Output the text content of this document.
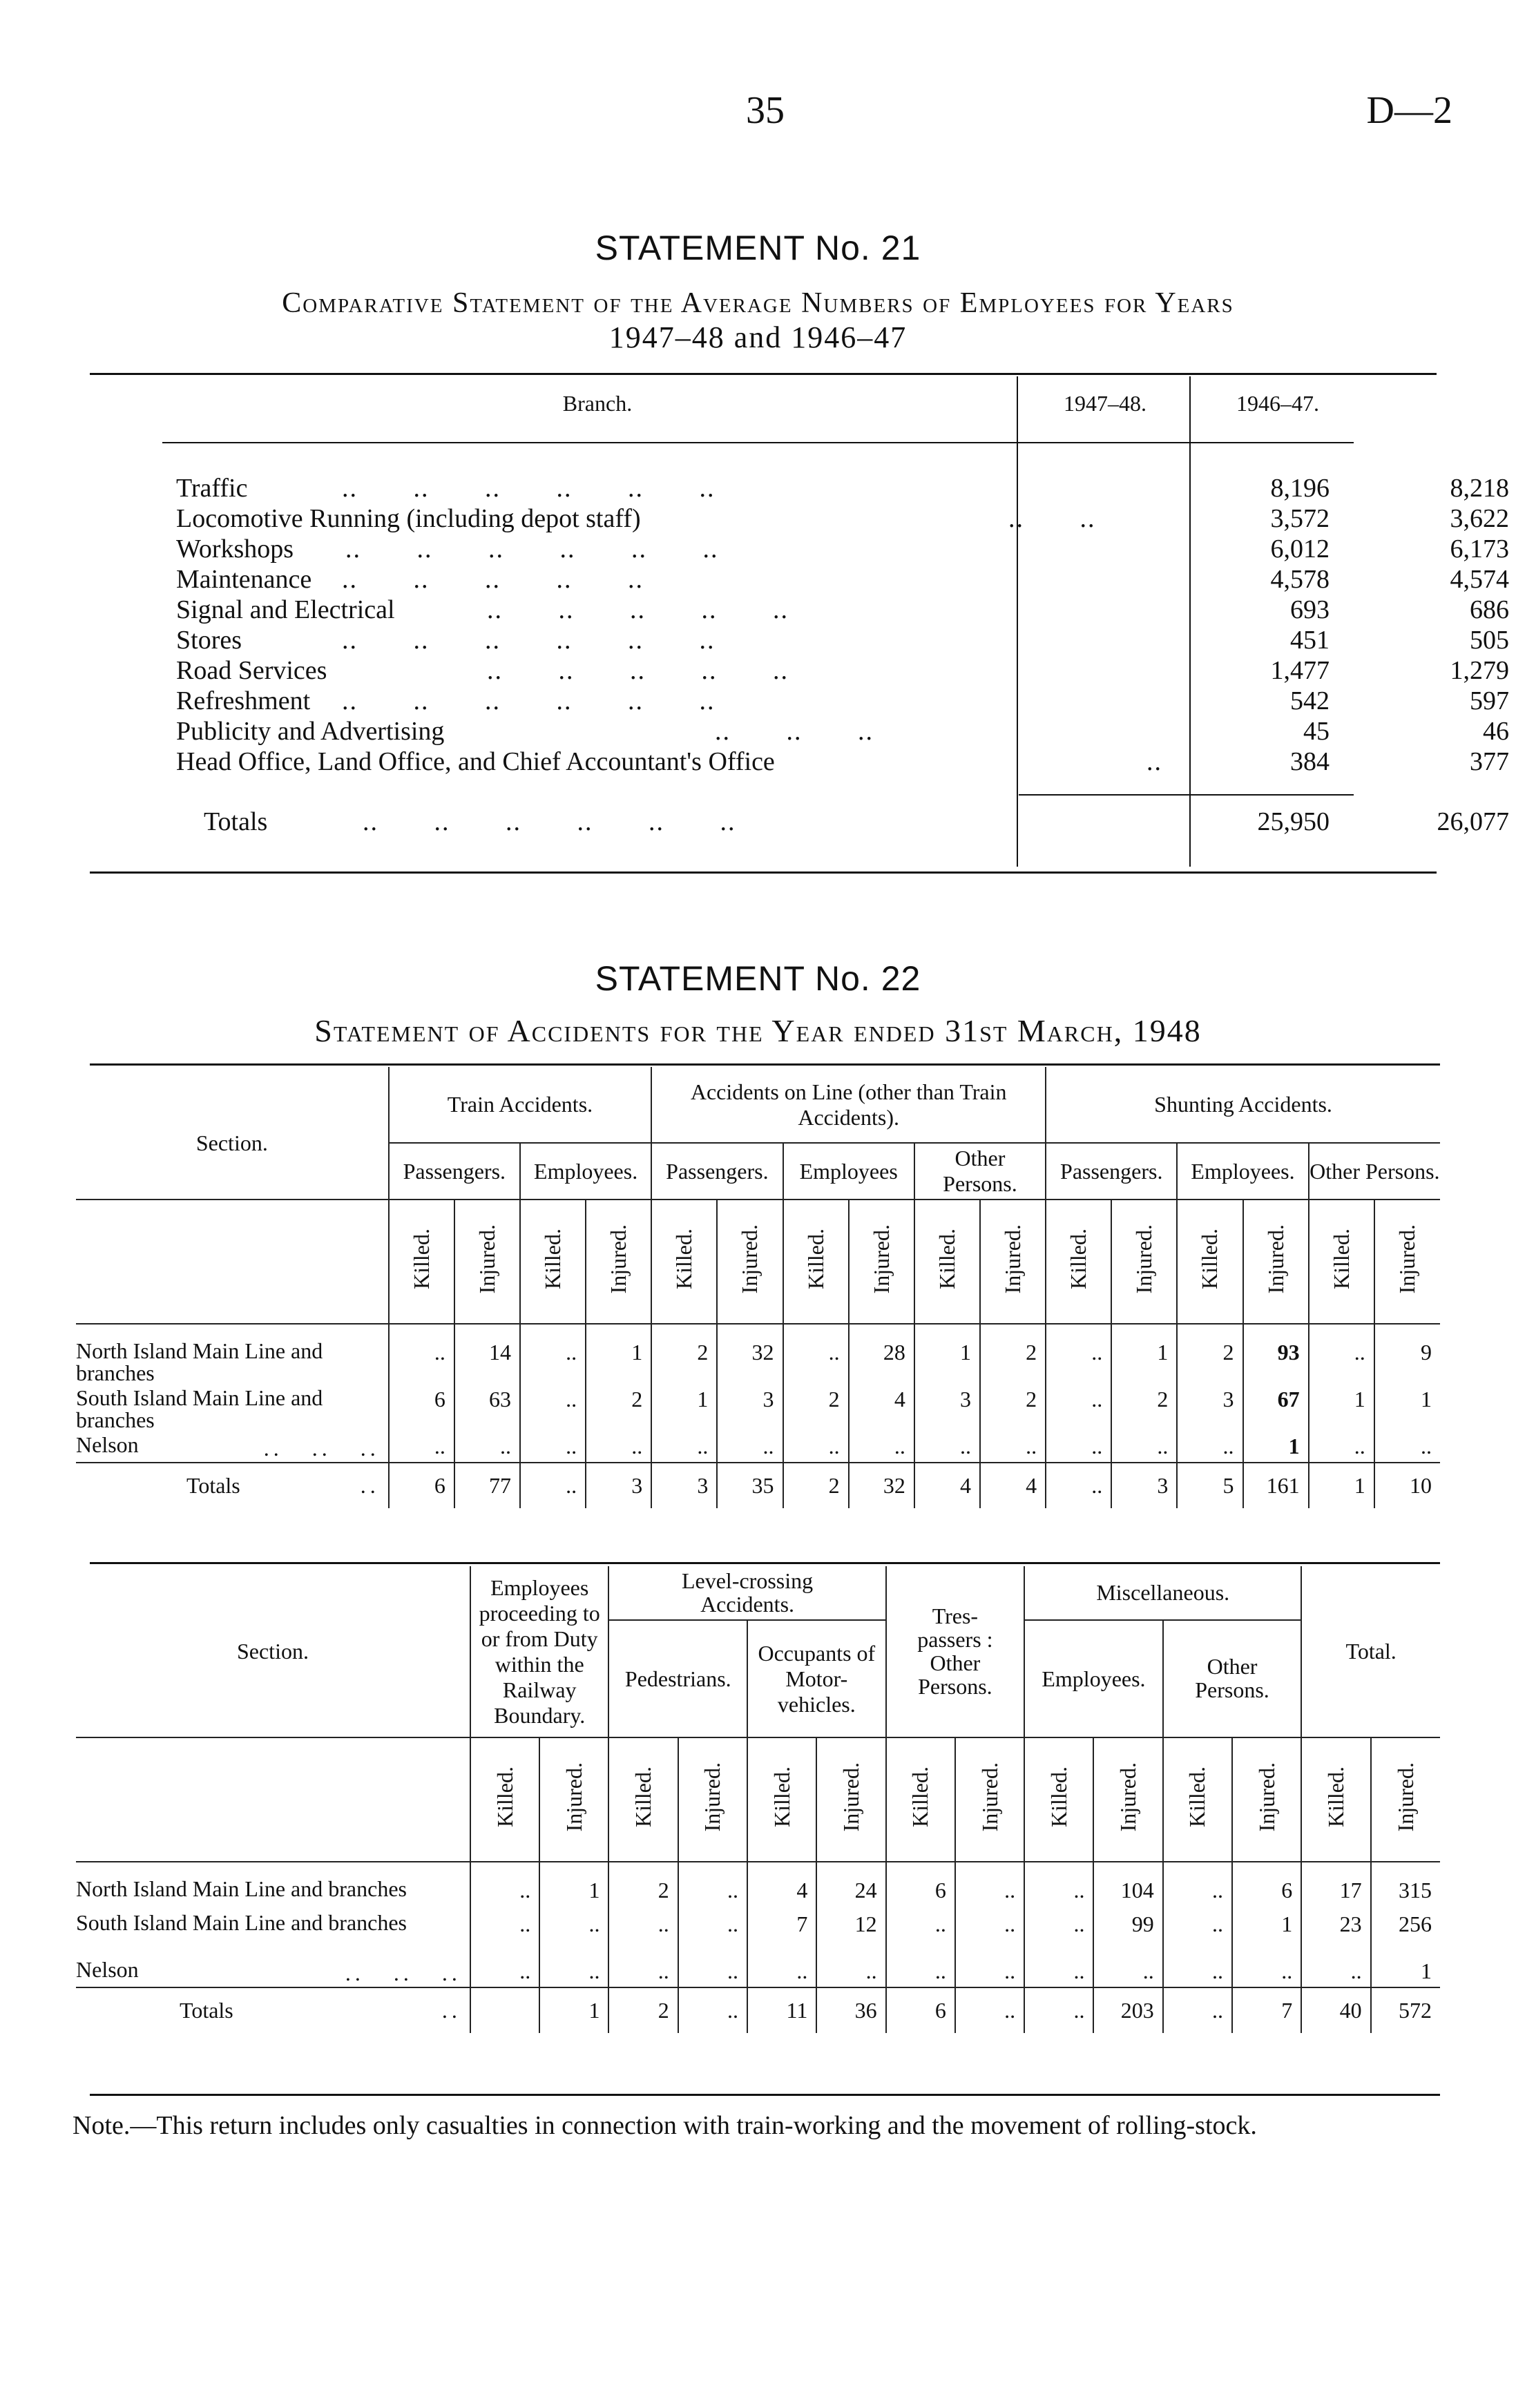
35	D—2
STATEMENT No. 21
Comparative Statement of the Average Numbers of Employees for Years
1947–48 and 1946–47
Branch.	1947–48.	1946–47.
Traffic	..       ..       ..       ..       ..       ..	8,196	8,218
Locomotive Running (including depot staff)	..       ..	3,572	3,622
Workshops ..       ..       ..       ..       ..       ..	6,012	6,173
Maintenance ..       ..       ..       ..       ..	4,578	4,574
Signal and Electrical	..       ..       ..       ..       ..	693	686
Stores	..       ..       ..       ..       ..       ..	451	505
Road Services	..       ..       ..       ..       ..	1,477	1,279
Refreshment ..       ..       ..       ..       ..       ..	542	597
Publicity and Advertising	..       ..       ..	45	46
Head Office, Land Office, and Chief Accountant's Office	..	384	377
Totals	..       ..       ..       ..       ..       ..	25,950	26,077
STATEMENT No. 22
Statement of Accidents for the Year ended 31st March, 1948
Section.	Train Accidents.				Accidents on Line (other than Train Accidents).						Shunting Accidents.					
	Passengers.		Employees.		Passengers.		Employees		Other Persons.		Passengers.		Employees.		Other Persons.	
	Killed.	Injured.	Killed.	Injured.	Killed.	Injured.	Killed.	Injured.	Killed.	Injured.	Killed.	Injured.	Killed.	Injured.	Killed.	Injured.
North Island Main Line and branches	..	14	..	1	2	32	..	28	1	2	..	1	2	93	..	9
South Island Main Line and branches	6	63	..	2	1	3	2	4	3	2	..	2	3	67	1	1
Nelson ..   ..   ..	..	..	..	..	..	..	..	..	..	..	..	..	..	1	..	..
Totals ..	6	77	..	3	3	35	2	32	4	4	..	3	5	161	1	10
Section.	Employees proceeding to or from Duty within the Railway Boundary.		Level-crossing Accidents.				Tres-passers : Other Persons.		Miscellaneous.				Total.	
			Pedestrians.		Occupants of Motor-vehicles.				Employees.		Other Persons.			
	Killed.	Injured.	Killed.	Injured.	Killed.	Injured.	Killed.	Injured.	Killed.	Injured.	Killed.	Injured.	Killed.	Injured.
North Island Main Line and branches	..	1	2	..	4	24	6	..	..	104	..	6	17	315
South Island Main Line and branches	..	..	..	..	7	12	..	..	..	99	..	1	23	256
Nelson ..   ..   ..	..	..	..	..	..	..	..	..	..	..	..	..	..	1
Totals ..		1	2	..	11	36	6	..	..	203	..	7	40	572
Note.—This return includes only casualties in connection with train-working and the movement of rolling-stock.
